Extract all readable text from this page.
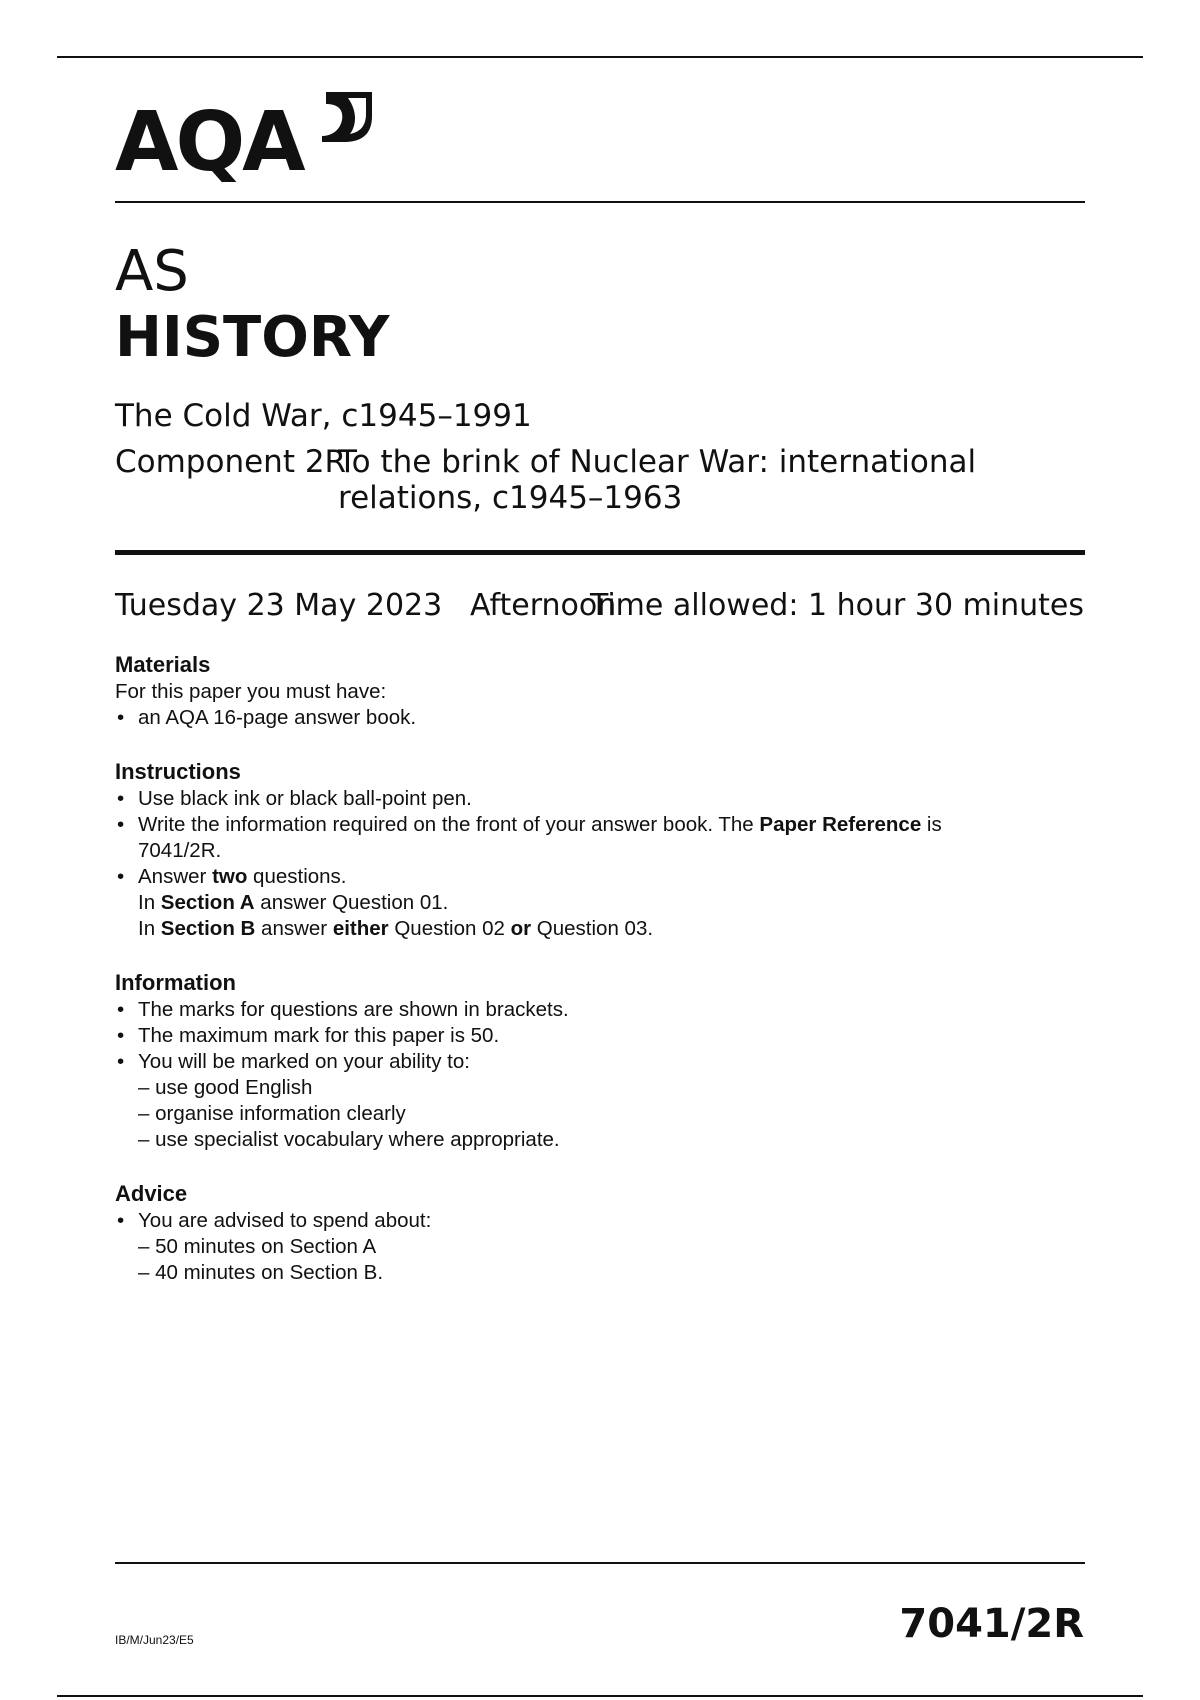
AQA
AS
HISTORY
The Cold War, c1945–1991
Component 2R
To the brink of Nuclear War: international relations, c1945–1963
Tuesday 23 May 2023 Afternoon
Time allowed: 1 hour 30 minutes
Materials

For this paper you must have:

• an AQA 16-page answer book.

Instructions

• Use black ink or black ball-point pen.

• Write the information required on the front of your answer book. The Paper Reference is
7041/2R.

• Answer two questions.

In Section A answer Question 01.

In Section B answer either Question 02 or Question 03.

Information

• The marks for questions are shown in brackets.

• The maximum mark for this paper is 50.

• You will be marked on your ability to:

– use good English

– organise information clearly

– use specialist vocabulary where appropriate.

Advice

• You are advised to spend about:

– 50 minutes on Section A

– 40 minutes on Section B.

IB/M/Jun23/E5	7041/2R
